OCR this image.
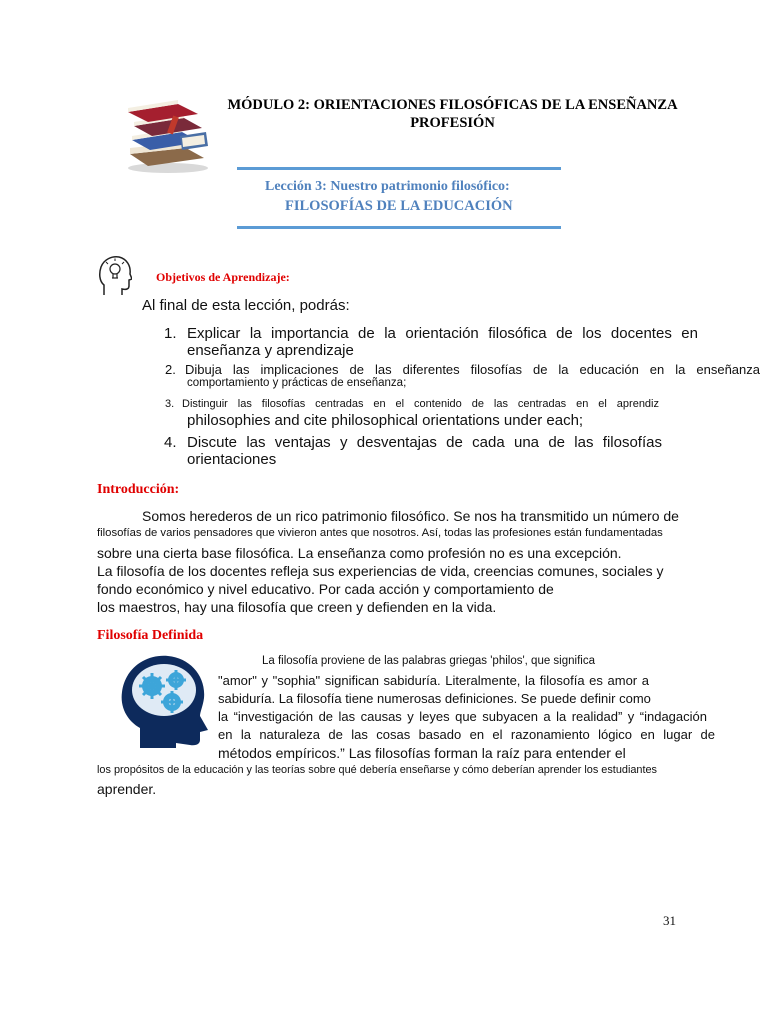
MÓDULO 2: ORIENTACIONES FILOSÓFICAS DE LA ENSEÑANZA
PROFESIÓN
Lección 3: Nuestro patrimonio filosófico:
FILOSOFÍAS DE LA EDUCACIÓN
Objetivos de Aprendizaje:
Al final de esta lección, podrás:
1. Explicar la importancia de la orientación filosófica de los docentes en
enseñanza y aprendizaje
2. Dibuja las implicaciones de las diferentes filosofías de la educación en la enseñanza
comportamiento y prácticas de enseñanza;
3. Distinguir las filosofías centradas en el contenido de las centradas en el aprendiz
philosophies and cite philosophical orientations under each;
4. Discute las ventajas y desventajas de cada una de las filosofías
orientaciones
Introducción:
Somos herederos de un rico patrimonio filosófico. Se nos ha transmitido un número de
filosofías de varios pensadores que vivieron antes que nosotros. Así, todas las profesiones están fundamentadas
sobre una cierta base filosófica. La enseñanza como profesión no es una excepción.
La filosofía de los docentes refleja sus experiencias de vida, creencias comunes, sociales y
fondo económico y nivel educativo. Por cada acción y comportamiento de
los maestros, hay una filosofía que creen y defienden en la vida.
Filosofía Definida
La filosofía proviene de las palabras griegas 'philos', que significa
"amor" y "sophia" significan sabiduría. Literalmente, la filosofía es amor a
sabiduría. La filosofía tiene numerosas definiciones. Se puede definir como
la “investigación de las causas y leyes que subyacen a la realidad” y “indagación
en la naturaleza de las cosas basado en el razonamiento lógico en lugar de
métodos empíricos.” Las filosofías forman la raíz para entender el
los propósitos de la educación y las teorías sobre qué debería enseñarse y cómo deberían aprender los estudiantes
aprender.
31
